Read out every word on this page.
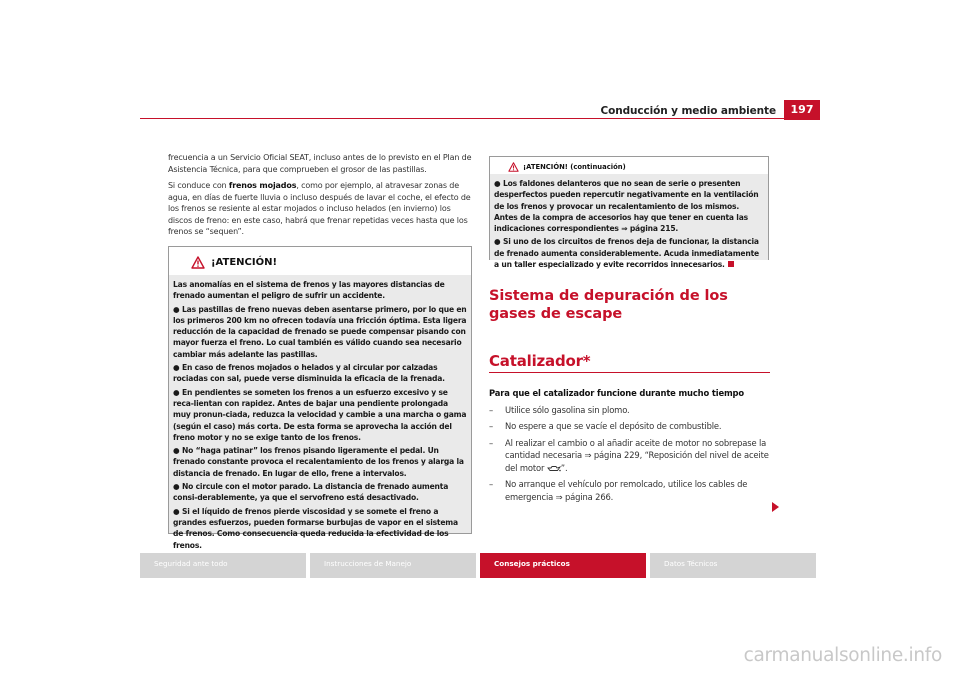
Conducción y medio ambiente	197

frecuencia a un Servicio Oficial SEAT, incluso antes de lo previsto en el Plan de Asistencia Técnica, para que comprueben el grosor de las pastillas.

Si conduce con frenos mojados, como por ejemplo, al atravesar zonas de agua, en días de fuerte lluvia o incluso después de lavar el coche, el efecto de los frenos se resiente al estar mojados o incluso helados (en invierno) los discos de freno: en este caso, habrá que frenar repetidas veces hasta que los frenos se “sequen”.

¡ATENCIÓN!

Las anomalías en el sistema de frenos y las mayores distancias de frenado aumentan el peligro de sufrir un accidente.

● Las pastillas de freno nuevas deben asentarse primero, por lo que en los primeros 200 km no ofrecen todavía una fricción óptima. Esta ligera reducción de la capacidad de frenado se puede compensar pisando con mayor fuerza el freno. Lo cual también es válido cuando sea necesario cambiar más adelante las pastillas.

● En caso de frenos mojados o helados y al circular por calzadas rociadas con sal, puede verse disminuida la eficacia de la frenada.

● En pendientes se someten los frenos a un esfuerzo excesivo y se reca-lientan con rapidez. Antes de bajar una pendiente prolongada muy pronun-ciada, reduzca la velocidad y cambie a una marcha o gama (según el caso) más corta. De esta forma se aprovecha la acción del freno motor y no se exige tanto de los frenos.

● No “haga patinar” los frenos pisando ligeramente el pedal. Un frenado constante provoca el recalentamiento de los frenos y alarga la distancia de frenado. En lugar de ello, frene a intervalos.

● No circule con el motor parado. La distancia de frenado aumenta consi-derablemente, ya que el servofreno está desactivado.

● Si el líquido de frenos pierde viscosidad y se somete el freno a grandes esfuerzos, pueden formarse burbujas de vapor en el sistema de frenos. Como consecuencia queda reducida la efectividad de los frenos.

¡ATENCIÓN! (continuación)

● Los faldones delanteros que no sean de serie o presenten desperfectos pueden repercutir negativamente en la ventilación de los frenos y provocar un recalentamiento de los mismos. Antes de la compra de accesorios hay que tener en cuenta las indicaciones correspondientes ⇒ página 215.

● Si uno de los circuitos de frenos deja de funcionar, la distancia de frenado aumenta considerablemente. Acuda inmediatamente a un taller especializado y evite recorridos innecesarios.

Sistema de depuración de los gases de escape
Catalizador*
Para que el catalizador funcione durante mucho tiempo
–	Utilice sólo gasolina sin plomo.
–	No espere a que se vacíe el depósito de combustible.
–	Al realizar el cambio o al añadir aceite de motor no sobrepase la cantidad necesaria ⇒ página 229, “Reposición del nivel de aceite del motor ”.
–	No arranque el vehículo por remolcado, utilice los cables de emergencia ⇒ página 266.
Seguridad ante todo	Instrucciones de Manejo	Consejos prácticos	Datos Técnicos
carmanualsonline.info
